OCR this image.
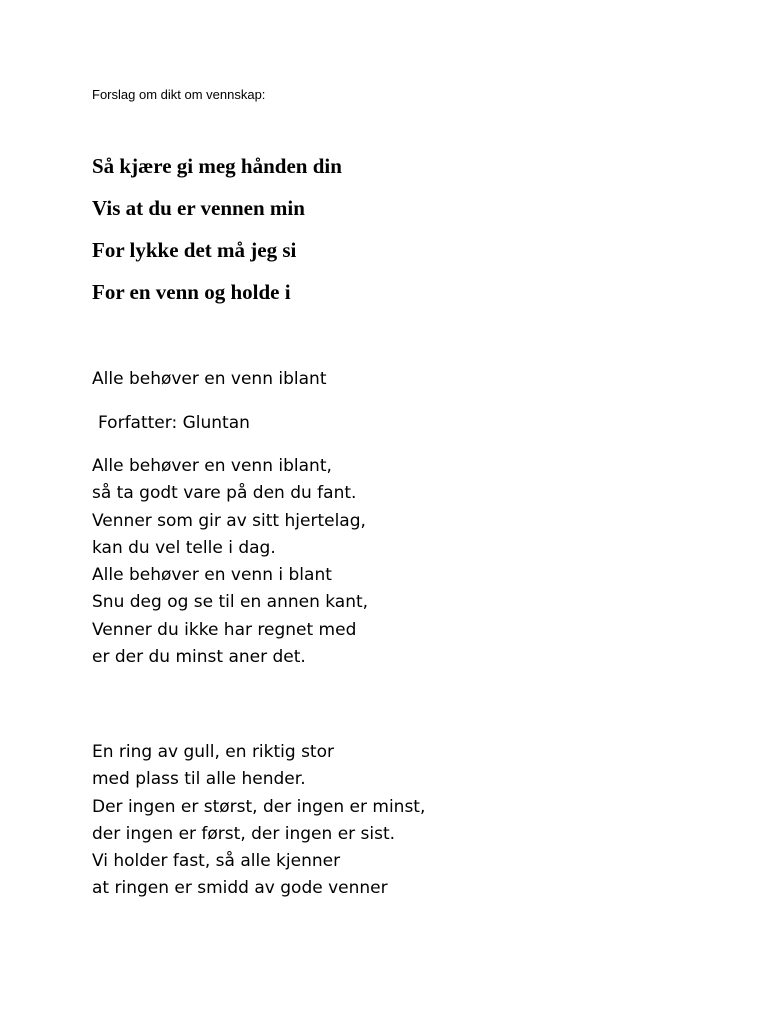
Forslag om dikt om vennskap:
Så kjære gi meg hånden din
Vis at du er vennen min
For lykke det må jeg si
For en venn og holde i
Alle behøver en venn iblant
Forfatter: Gluntan
Alle behøver en venn iblant,
så ta godt vare på den du fant.
Venner som gir av sitt hjertelag,
kan du vel telle i dag.
Alle behøver en venn i blant
Snu deg og se til en annen kant,
Venner du ikke har regnet med
er der du minst aner det.
En ring av gull, en riktig stor
med plass til alle hender.
Der ingen er størst, der ingen er minst,
der ingen er først, der ingen er sist.
Vi holder fast, så alle kjenner
at ringen er smidd av gode venner
